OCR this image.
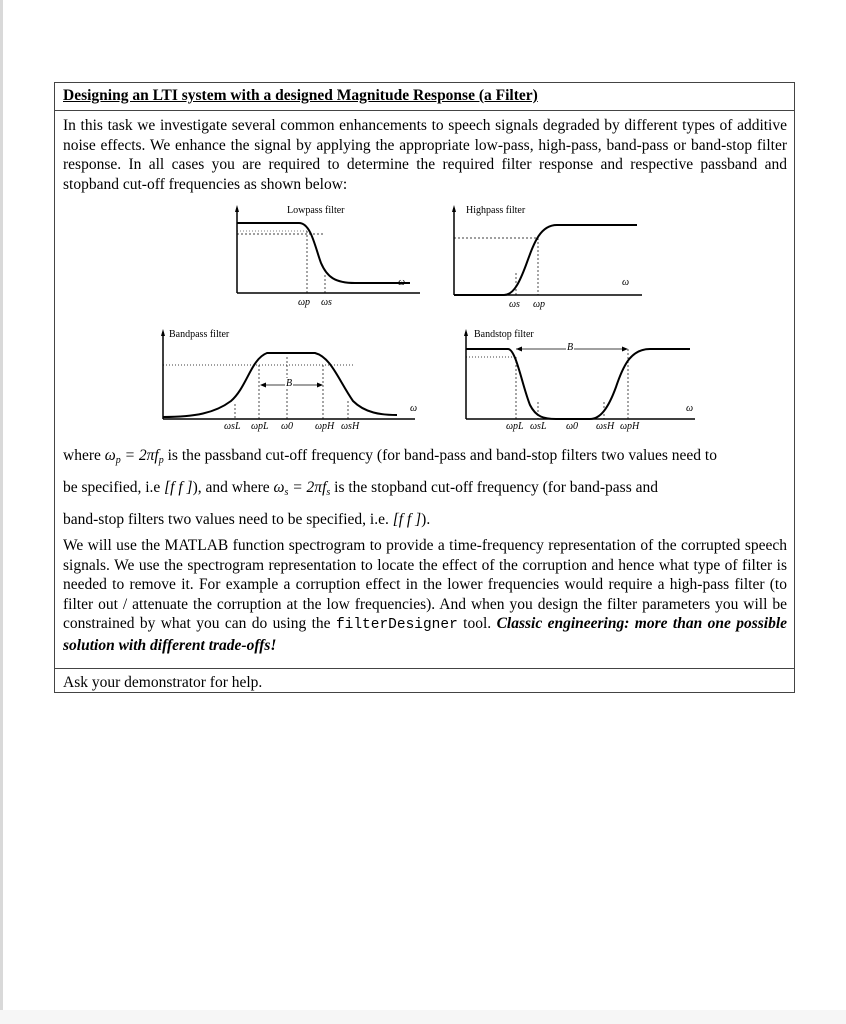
Designing an LTI system with a designed Magnitude Response (a Filter)
In this task we investigate several common enhancements to speech signals degraded by different types of additive noise effects. We enhance the signal by applying the appropriate low-pass, high-pass, band-pass or band-stop filter response. In all cases you are required to determine the required filter response and respective passband and stopband cut-off frequencies as shown below:
Lowpass filter
ω
ωp ωs
Highpass filter
ω
ωs ωp
Bandpass filter
B
ω
ωsL ωpL ω0 ωpH ωsH
Bandstop filter
B
ω
ωpL ωsL ω0 ωsH ωpH
where $\omega_p = 2\pi f_p$ is the passband cut-off frequency (for band-pass and band-stop filters two values need to
be specified, i.e [f f ]), and where $\omega_s = 2\pi f_s$ is the stopband cut-off frequency (for band-pass and
band-stop filters two values need to be specified, i.e. [f f ]).
We will use the MATLAB function spectrogram to provide a time-frequency representation of the corrupted speech signals. We use the spectrogram representation to locate the effect of the corruption and hence what type of filter is needed to remove it. For example a corruption effect in the lower frequencies would require a high-pass filter (to filter out / attenuate the corruption at the low frequencies). And when you design the filter parameters you will be constrained by what you can do using the filterDesigner tool. Classic engineering: more than one possible solution with different trade-offs!
Ask your demonstrator for help.
